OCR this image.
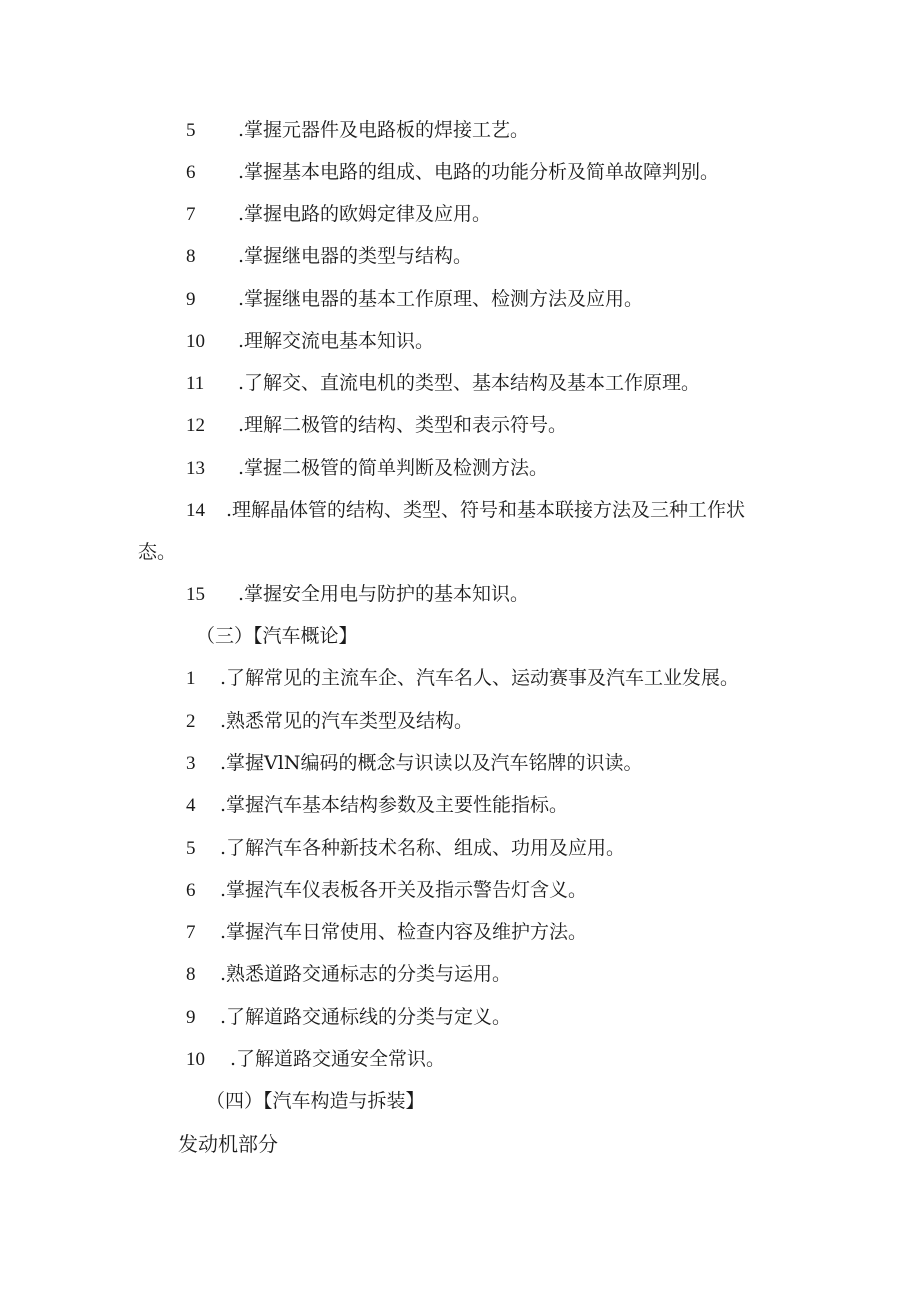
5 .掌握元器件及电路板的焊接工艺。
6 .掌握基本电路的组成、电路的功能分析及简单故障判别。
7 .掌握电路的欧姆定律及应用。
8 .掌握继电器的类型与结构。
9 .掌握继电器的基本工作原理、检测方法及应用。
10 .理解交流电基本知识。
11 .了解交、直流电机的类型、基本结构及基本工作原理。
12 .理解二极管的结构、类型和表示符号。
13 .掌握二极管的简单判断及检测方法。
14 .理解晶体管的结构、类型、符号和基本联接方法及三种工作状
态。
15 .掌握安全用电与防护的基本知识。
（三）【汽车概论】
1 .了解常见的主流车企、汽车名人、运动赛事及汽车工业发展。
2 .熟悉常见的汽车类型及结构。
3 .掌握VlN编码的概念与识读以及汽车铭牌的识读。
4 .掌握汽车基本结构参数及主要性能指标。
5 .了解汽车各种新技术名称、组成、功用及应用。
6 .掌握汽车仪表板各开关及指示警告灯含义。
7 .掌握汽车日常使用、检查内容及维护方法。
8 .熟悉道路交通标志的分类与运用。
9 .了解道路交通标线的分类与定义。
10 .了解道路交通安全常识。
（四）【汽车构造与拆装】
发动机部分
